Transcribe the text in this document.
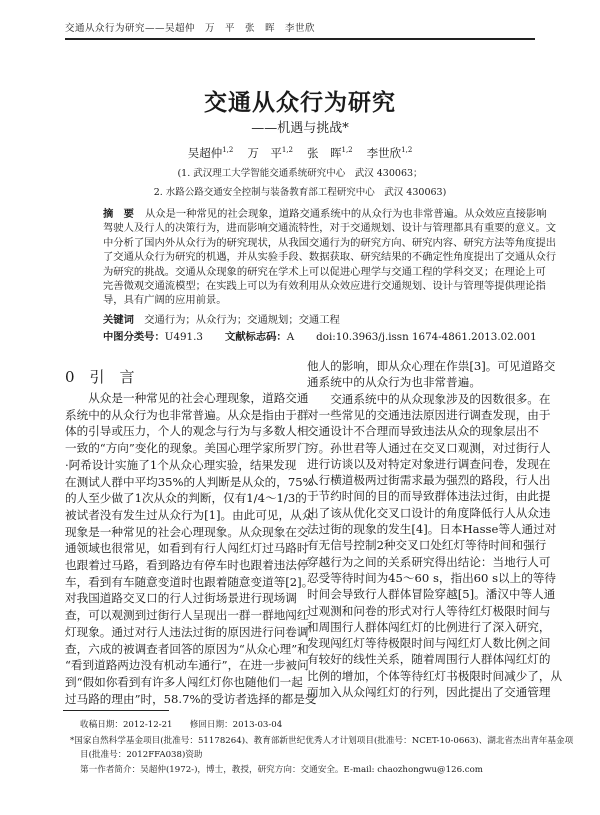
交通从众行为研究——吴超仲　万　平　张　晖　李世欣
交通从众行为研究
——机遇与挑战*
吴超仲$^{1,2}$ 万　平$^{1,2}$ 张　晖$^{1,2}$ 李世欣$^{1,2}$
(1. 武汉理工大学智能交通系统研究中心　武汉 430063；
2. 水路公路交通安全控制与装备教育部工程研究中心　武汉 430063)
摘　要	从众是一种常见的社会现象，道路交通系统中的从众行为也非常普遍。从众效应直接影响
驾驶人及行人的决策行为，进而影响交通流特性，对于交通规划、设计与管理都具有重要的意义。文
中分析了国内外从众行为的研究现状，从我国交通行为的研究方向、研究内容、研究方法等角度提出
了交通从众行为研究的机遇，并从实验手段、数据获取、研究结果的不确定性角度提出了交通从众行
为研究的挑战。交通从众现象的研究在学术上可以促进心理学与交通工程的学科交叉；在理论上可
完善微观交通流模型；在实践上可以为有效利用从众效应进行交通规划、设计与管理等提供理论指
导，具有广阔的应用前景。
关键词　 交通行为；从众行为；交通规划；交通工程
中图分类号：U491.3 文献标志码：A doi:10.3963/j.issn 1674-4861.2013.02.001
0　引　言
　　从众是一种常见的社会心理现象，道路交通
系统中的从众行为也非常普遍。从众是指由于群
体的引导或压力，个人的观念与行为与多数人相
一致的“方向”变化的现象。美国心理学家所罗门
·阿希设计实施了1个从众心理实验，结果发现
在测试人群中平均35%的人判断是从众的，75%
的人至少做了1次从众的判断，仅有1/4～1/3的
被试者没有发生过从众行为[1]。由此可见，从众
现象是一种常见的社会心理现象。从众现象在交
通领域也很常见，如看到有行人闯红灯过马路时
也跟着过马路，看到路边有停车时也跟着违法停
车，看到有车随意变道时也跟着随意变道等[2]。
对我国道路交叉口的行人过街场景进行现场调
查，可以观测到过街行人呈现出一群一群地闯红
灯现象。通过对行人违法过街的原因进行问卷调
查，六成的被调查者回答的原因为“从众心理”和
“看到道路两边没有机动车通行”，在进一步被问
到“假如你看到有许多人闯红灯你也随他们一起
过马路的理由”时，58.7%的受访者选择的都是受
他人的影响，即从众心理在作祟[3]。可见道路交
通系统中的从众行为也非常普遍。
　　交通系统中的从众现象涉及的因数很多。在
对一些常见的交通违法原因进行调查发现，由于
交通设计不合理而导致违法从众的现象层出不
穷。孙世君等人通过在交叉口观测，对过街行人
进行访谈以及对特定对象进行调查问卷，发现在
人行横道极两过街需求最为强烈的路段，行人出
于节约时间的目的而导致群体违法过街，由此提
出了该从优化交叉口设计的角度降低行人从众违
法过街的现象的发生[4]。日本Hasse等人通过对
有无信号控制2种交叉口处红灯等待时间和强行
穿越行为之间的关系研究得出结论：当地行人可
忍受等待时间为45～60 s，指出60 s以上的等待
时间会导致行人群体冒险穿越[5]。潘汉中等人通
过观测和问卷的形式对行人等待红灯极限时间与
和周围行人群体闯红灯的比例进行了深入研究，
发现闯红灯等待极限时间与闯红灯人数比例之间
有较好的线性关系，随着周围行人群体闯红灯的
比例的增加，个体等待红灯书极限时间减少了，从
而加入从众闯红灯的行列，因此提出了交通管理
收稿日期：2012-12-21　　修回日期：2013-03-04
*国家自然科学基金项目(批准号：51178264)、教育部新世纪优秀人才计划项目(批准号：NCET-10-0663)、湖北省杰出青年基金项
目(批准号：2012FFA038)资助
第一作者简介：吴超仲(1972-)，博士，教授，研究方向：交通安全。E-mail: chaozhongwu@126.com
